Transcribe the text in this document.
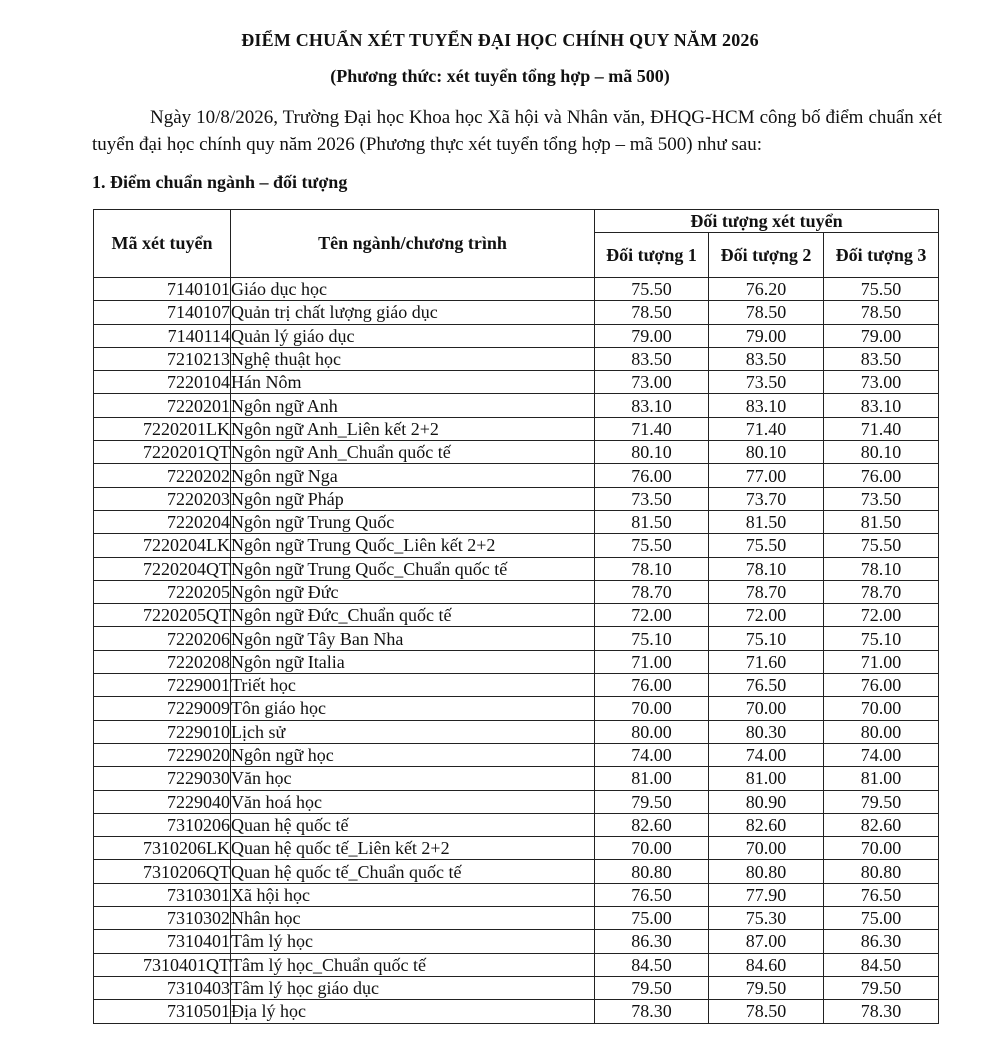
ĐIỂM CHUẨN XÉT TUYỂN ĐẠI HỌC CHÍNH QUY NĂM 2026
(Phương thức: xét tuyển tổng hợp – mã 500)
Ngày 10/8/2026, Trường Đại học Khoa học Xã hội và Nhân văn, ĐHQG-HCM công bố điểm chuẩn xét tuyển đại học chính quy năm 2026 (Phương thực xét tuyển tổng hợp – mã 500) như sau:
1. Điểm chuẩn ngành – đối tượng
Mã xét tuyển	Tên ngành/chương trình	Đối tượng xét tuyển		
		Đối tượng 1	Đối tượng 2	Đối tượng 3
7140101	Giáo dục học	75.50	76.20	75.50
7140107	Quản trị chất lượng giáo dục	78.50	78.50	78.50
7140114	Quản lý giáo dục	79.00	79.00	79.00
7210213	Nghệ thuật học	83.50	83.50	83.50
7220104	Hán Nôm	73.00	73.50	73.00
7220201	Ngôn ngữ Anh	83.10	83.10	83.10
7220201LK	Ngôn ngữ Anh_Liên kết 2+2	71.40	71.40	71.40
7220201QT	Ngôn ngữ Anh_Chuẩn quốc tế	80.10	80.10	80.10
7220202	Ngôn ngữ Nga	76.00	77.00	76.00
7220203	Ngôn ngữ Pháp	73.50	73.70	73.50
7220204	Ngôn ngữ Trung Quốc	81.50	81.50	81.50
7220204LK	Ngôn ngữ Trung Quốc_Liên kết 2+2	75.50	75.50	75.50
7220204QT	Ngôn ngữ Trung Quốc_Chuẩn quốc tế	78.10	78.10	78.10
7220205	Ngôn ngữ Đức	78.70	78.70	78.70
7220205QT	Ngôn ngữ Đức_Chuẩn quốc tế	72.00	72.00	72.00
7220206	Ngôn ngữ Tây Ban Nha	75.10	75.10	75.10
7220208	Ngôn ngữ Italia	71.00	71.60	71.00
7229001	Triết học	76.00	76.50	76.00
7229009	Tôn giáo học	70.00	70.00	70.00
7229010	Lịch sử	80.00	80.30	80.00
7229020	Ngôn ngữ học	74.00	74.00	74.00
7229030	Văn học	81.00	81.00	81.00
7229040	Văn hoá học	79.50	80.90	79.50
7310206	Quan hệ quốc tế	82.60	82.60	82.60
7310206LK	Quan hệ quốc tế_Liên kết 2+2	70.00	70.00	70.00
7310206QT	Quan hệ quốc tế_Chuẩn quốc tế	80.80	80.80	80.80
7310301	Xã hội học	76.50	77.90	76.50
7310302	Nhân học	75.00	75.30	75.00
7310401	Tâm lý học	86.30	87.00	86.30
7310401QT	Tâm lý học_Chuẩn quốc tế	84.50	84.60	84.50
7310403	Tâm lý học giáo dục	79.50	79.50	79.50
7310501	Địa lý học	78.30	78.50	78.30
